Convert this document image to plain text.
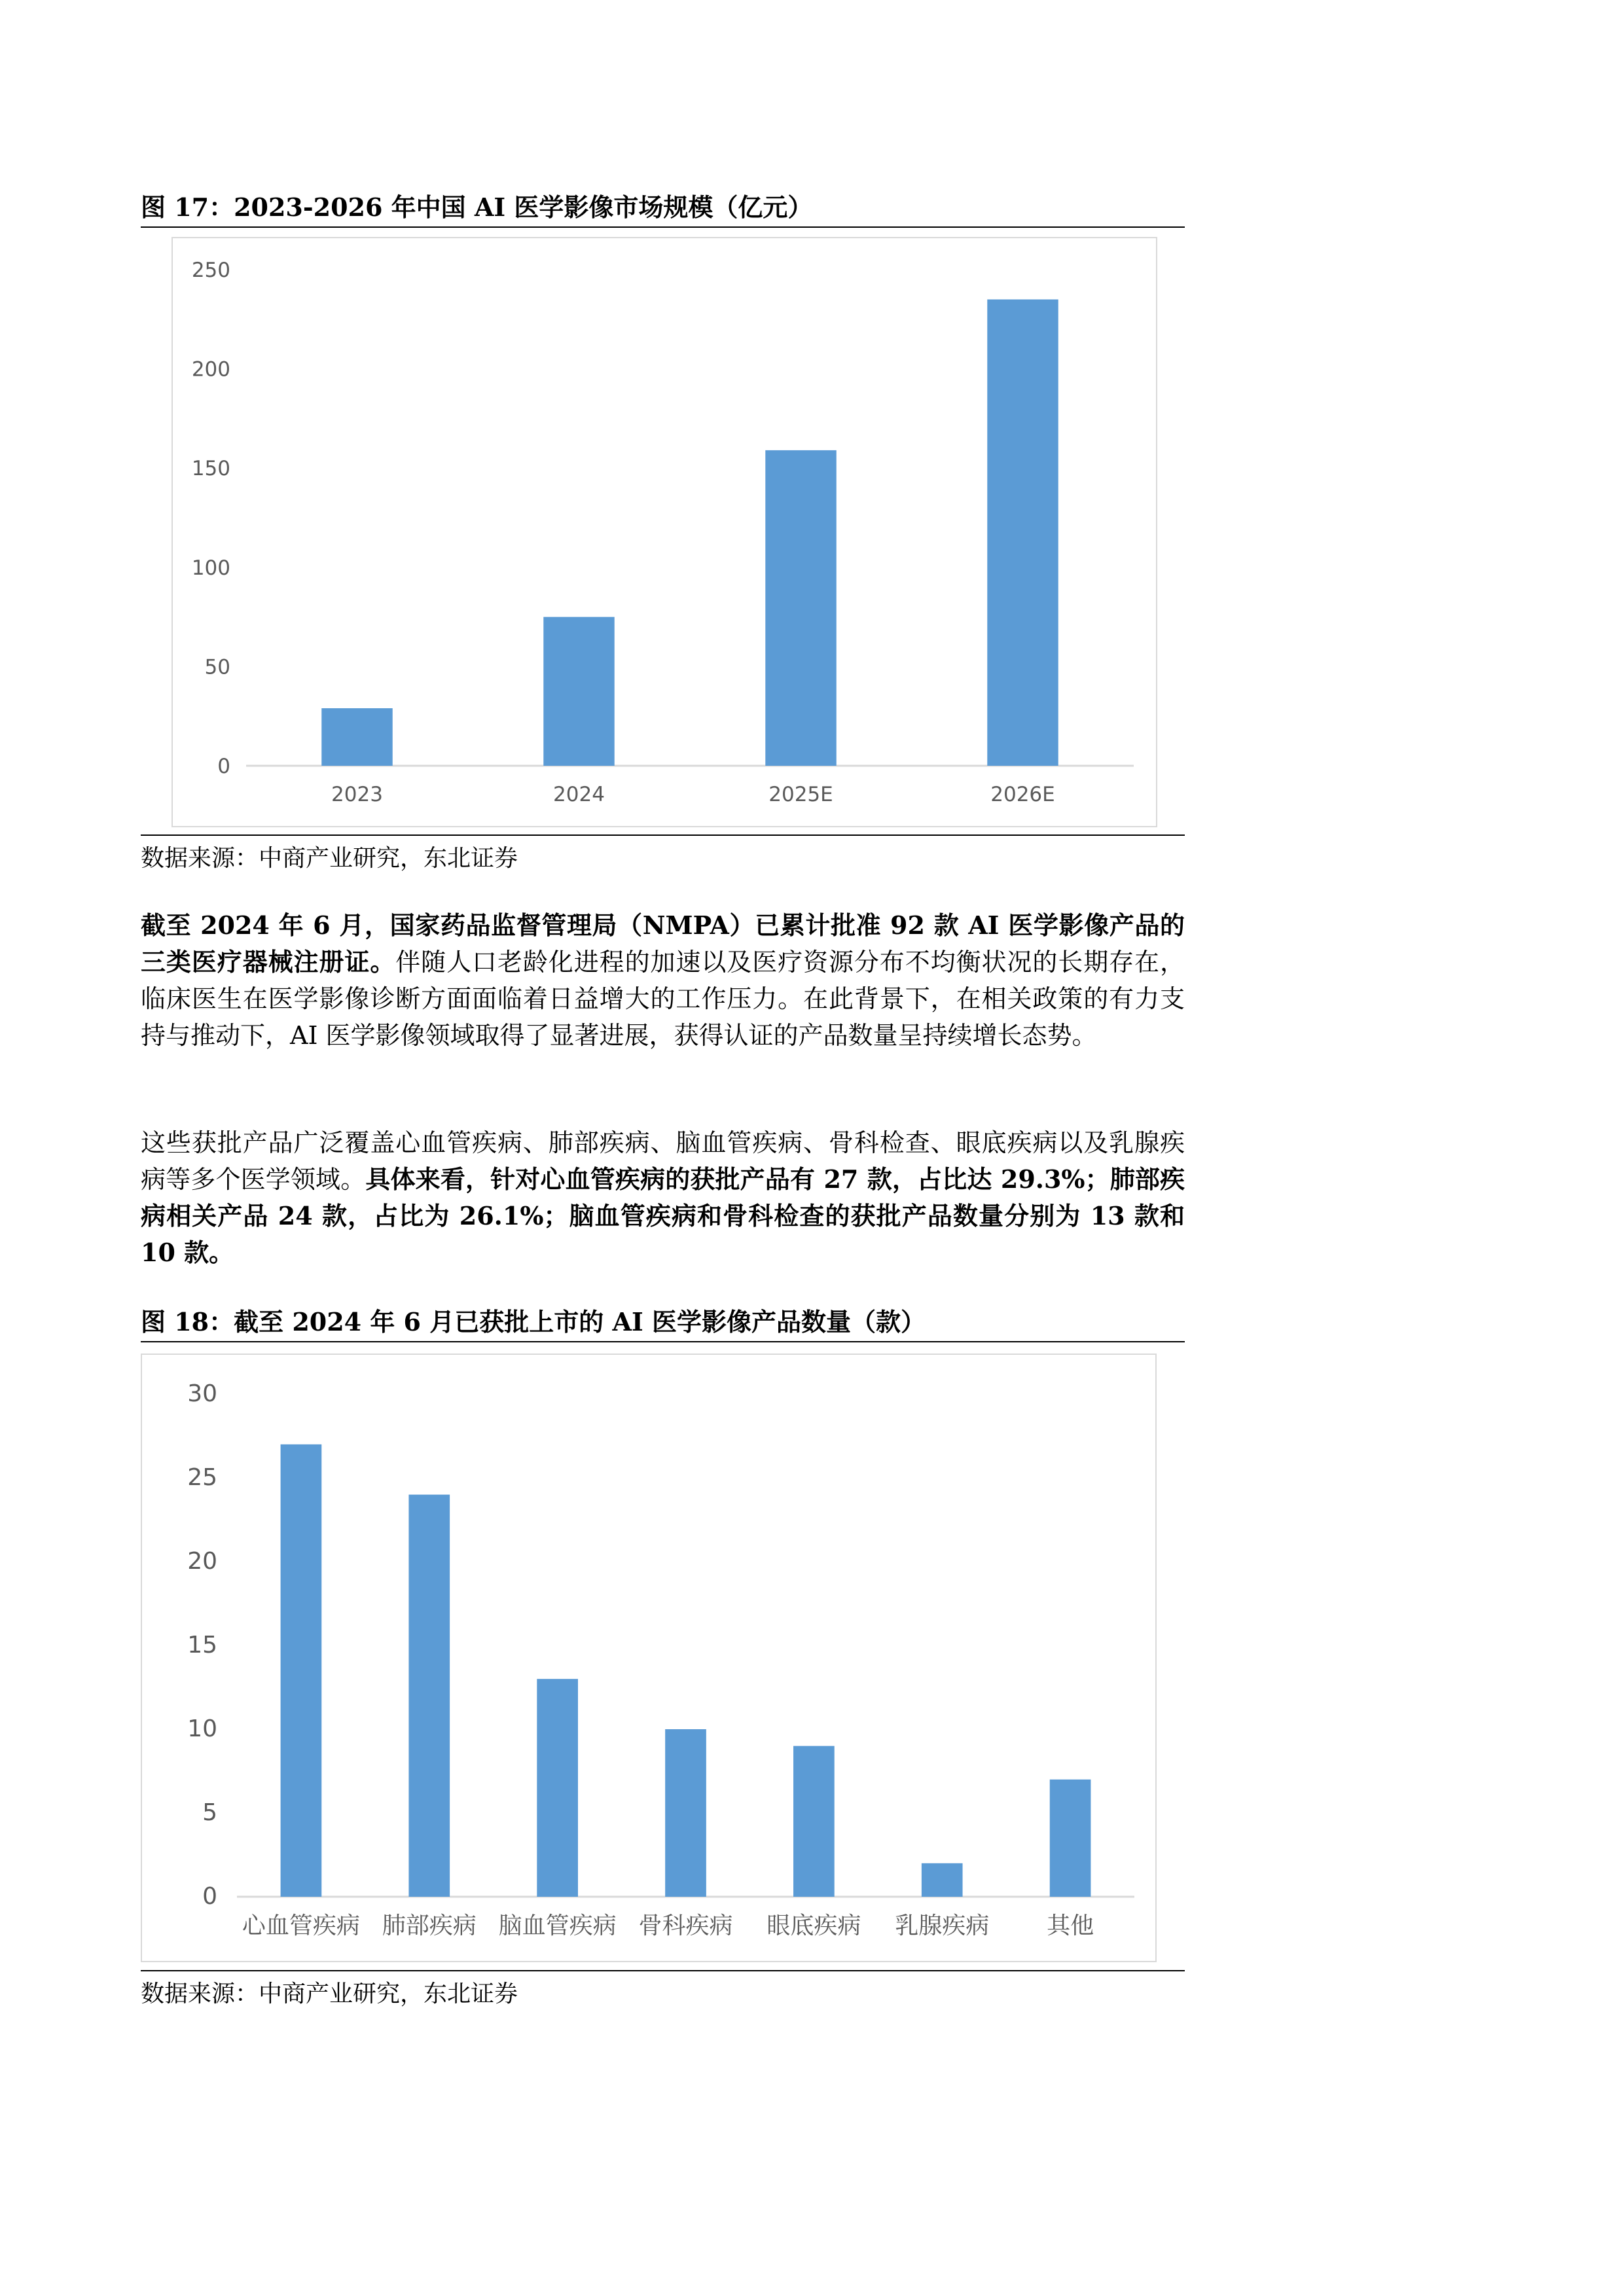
图 17：2023-2026 年中国 AI 医学影像市场规模（亿元）
0
50
100
150
200
250
2023	2024	2025E	2026E
数据来源：中商产业研究，东北证券
截至 2024 年 6 月，国家药品监督管理局（NMPA）已累计批准 92 款 AI 医学影像产品的三类医疗器械注册证。伴随人口老龄化进程的加速以及医疗资源分布不均衡状况的长期存在，临床医生在医学影像诊断方面面临着日益增大的工作压力。在此背景下，在相关政策的有力支持与推动下，AI 医学影像领域取得了显著进展，获得认证的产品数量呈持续增长态势。
这些获批产品广泛覆盖心血管疾病、肺部疾病、脑血管疾病、骨科检查、眼底疾病以及乳腺疾病等多个医学领域。具体来看，针对心血管疾病的获批产品有 27 款，占比达 29.3%；肺部疾病相关产品 24 款，占比为 26.1%；脑血管疾病和骨科检查的获批产品数量分别为 13 款和 10 款。
图 18：截至 2024 年 6 月已获批上市的 AI 医学影像产品数量（款）
0
5
10
15
20
25
30
心血管疾病 肺部疾病 脑血管疾病 骨科疾病 眼底疾病 乳腺疾病 其他
数据来源：中商产业研究，东北证券
